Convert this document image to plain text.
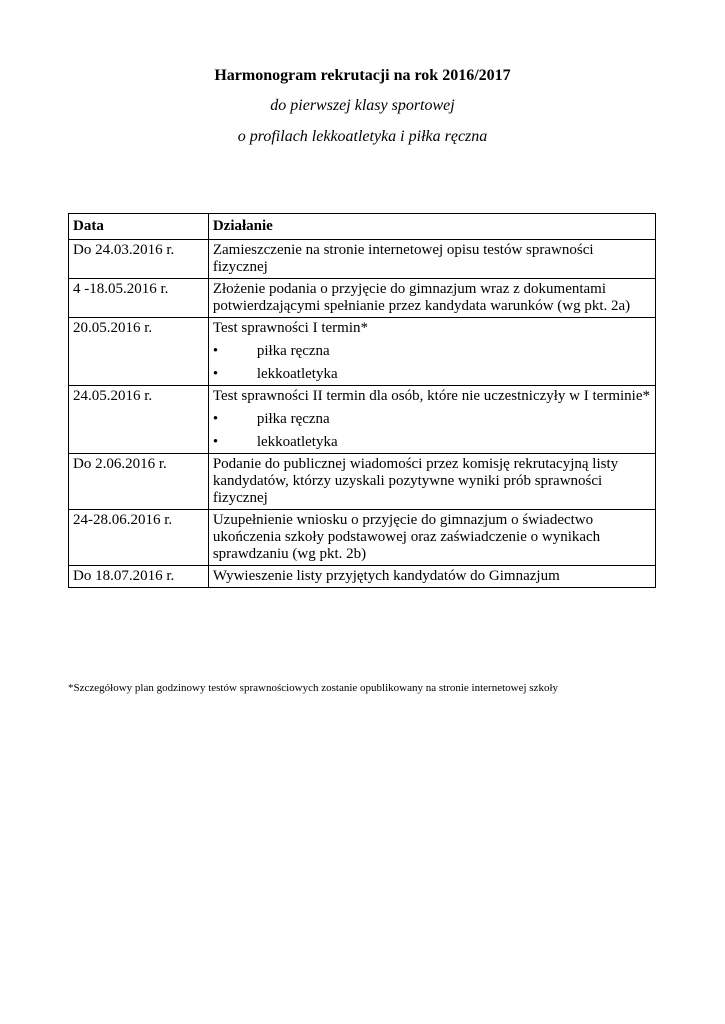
Harmonogram rekrutacji na rok 2016/2017
do pierwszej klasy sportowej
o profilach lekkoatletyka i piłka ręczna
Data	Działanie
Do 24.03.2016 r.	Zamieszczenie na stronie internetowej opisu testów sprawności fizycznej

4 -18.05.2016 r.	Złożenie podania o przyjęcie do gimnazjum wraz z dokumentami potwierdzającymi spełnianie przez kandydata warunków (wg pkt. 2a)

20.05.2016 r.	Test sprawności I termin*
• piłka ręczna
• lekkoatletyka

24.05.2016 r.	Test sprawności II termin dla osób, które nie uczestniczyły w I terminie*
• piłka ręczna
• lekkoatletyka

Do 2.06.2016 r.	Podanie do publicznej wiadomości przez komisję rekrutacyjną listy kandydatów, którzy uzyskali pozytywne wyniki prób sprawności fizycznej

24-28.06.2016 r.	Uzupełnienie wniosku o przyjęcie do gimnazjum o świadectwo ukończenia szkoły podstawowej oraz zaświadczenie o wynikach sprawdzaniu (wg pkt. 2b)

Do 18.07.2016 r.	Wywieszenie listy przyjętych kandydatów do Gimnazjum
*Szczegółowy plan godzinowy testów sprawnościowych zostanie opublikowany na stronie internetowej szkoły
